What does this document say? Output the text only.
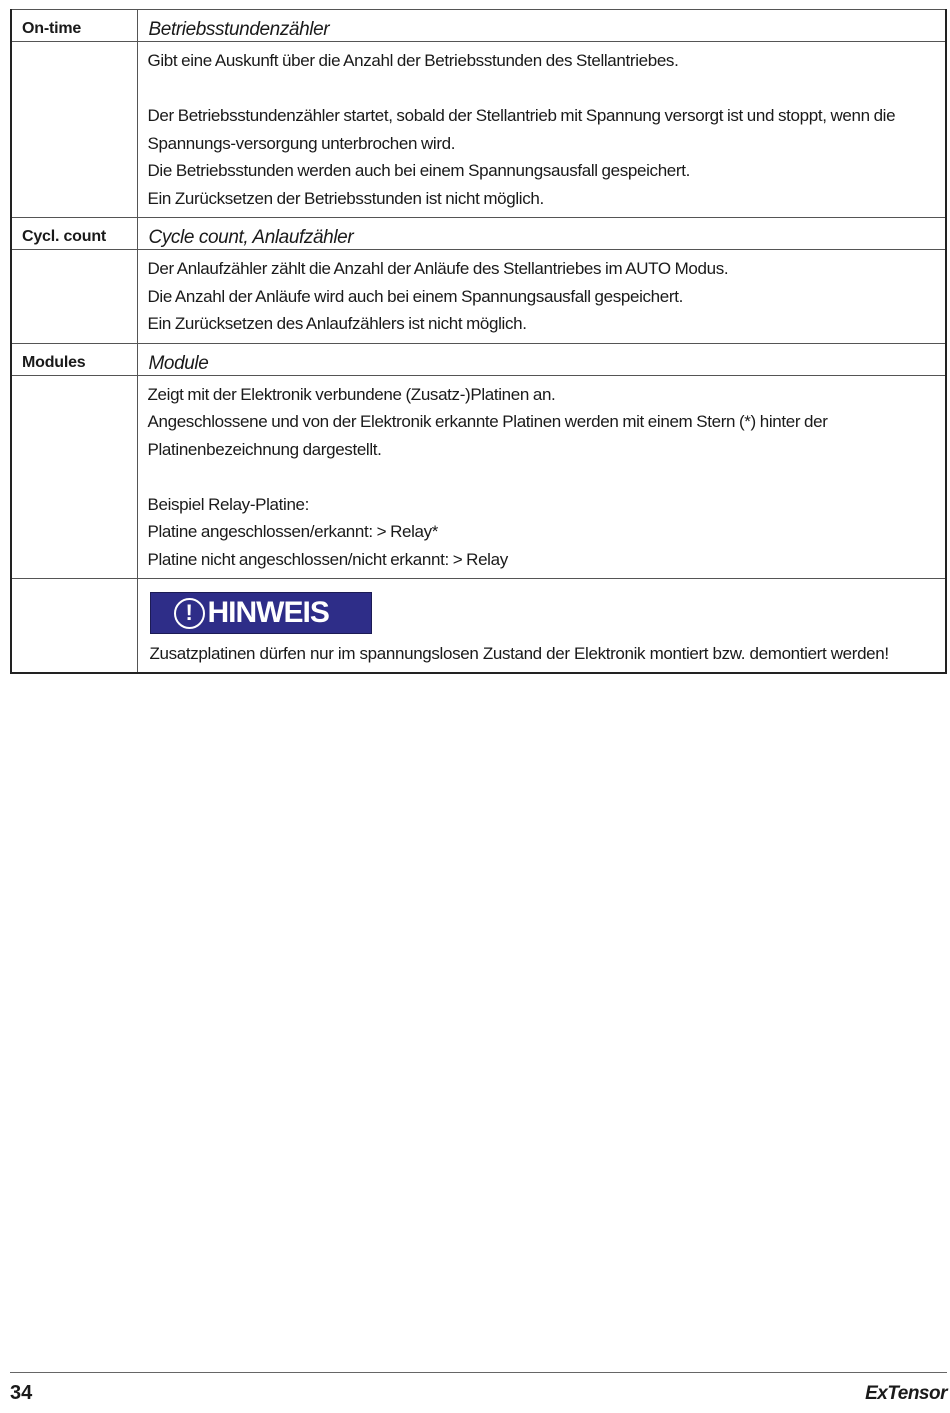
On-time	Betriebsstundenzähler

	Gibt eine Auskunft über die Anzahl der Betriebsstunden des Stellantriebes.

Der Betriebsstundenzähler startet, sobald der Stellantrieb mit Spannung versorgt ist und stoppt, wenn die Spannungs-versorgung unterbrochen wird.

Die Betriebsstunden werden auch bei einem Spannungsausfall gespeichert.

Ein Zurücksetzen der Betriebsstunden ist nicht möglich.

Cycl. count	Cycle count, Anlaufzähler

	Der Anlaufzähler zählt die Anzahl der Anläufe des Stellantriebes im AUTO Modus.

Die Anzahl der Anläufe wird auch bei einem Spannungsausfall gespeichert.

Ein Zurücksetzen des Anlaufzählers ist nicht möglich.

Modules	Module

	Zeigt mit der Elektronik verbundene (Zusatz-)Platinen an.

Angeschlossene und von der Elektronik erkannte Platinen werden mit einem Stern (*) hinter der Platinenbezeichnung dargestellt.

Beispiel Relay-Platine:

Platine angeschlossen/erkannt: > Relay*

Platine nicht angeschlossen/nicht erkannt: > Relay

	! HINWEIS

Zusatzplatinen dürfen nur im spannungslosen Zustand der Elektronik montiert bzw. demontiert werden!

34	ExTensor
